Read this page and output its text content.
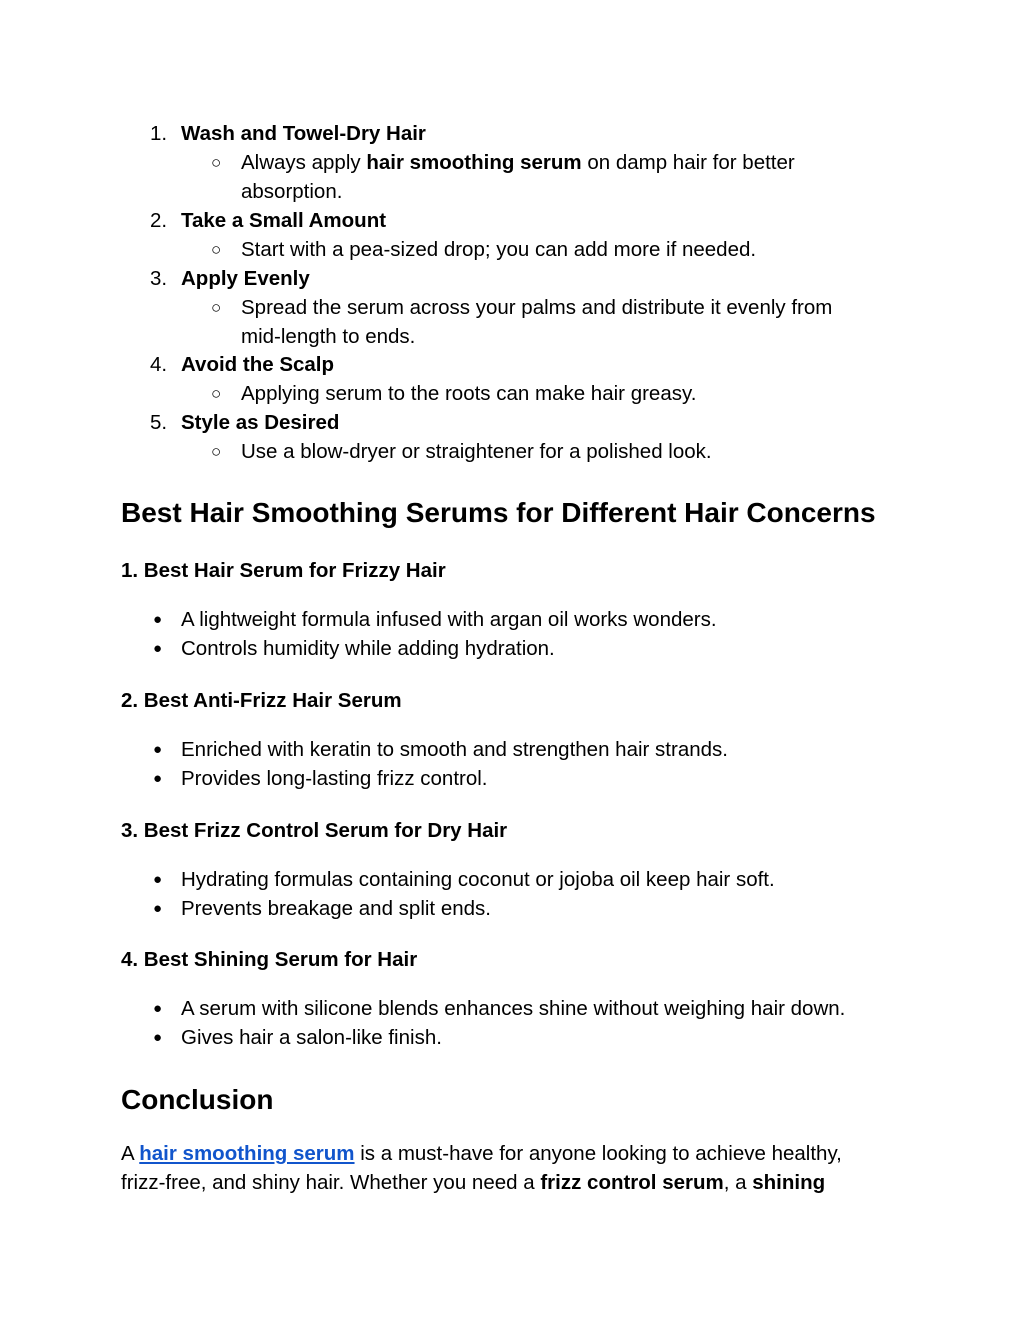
1. Wash and Towel-Dry Hair
○ Always apply hair smoothing serum on damp hair for better
absorption.
2. Take a Small Amount
○ Start with a pea-sized drop; you can add more if needed.
3. Apply Evenly
○ Spread the serum across your palms and distribute it evenly from
mid-length to ends.
4. Avoid the Scalp
○ Applying serum to the roots can make hair greasy.
5. Style as Desired
○ Use a blow-dryer or straightener for a polished look.
Best Hair Smoothing Serums for Different Hair Concerns
1. Best Hair Serum for Frizzy Hair
● A lightweight formula infused with argan oil works wonders.
● Controls humidity while adding hydration.
2. Best Anti-Frizz Hair Serum
● Enriched with keratin to smooth and strengthen hair strands.
● Provides long-lasting frizz control.
3. Best Frizz Control Serum for Dry Hair
● Hydrating formulas containing coconut or jojoba oil keep hair soft.
● Prevents breakage and split ends.
4. Best Shining Serum for Hair
● A serum with silicone blends enhances shine without weighing hair down.
● Gives hair a salon-like finish.
Conclusion
A hair smoothing serum is a must-have for anyone looking to achieve healthy,
frizz-free, and shiny hair. Whether you need a frizz control serum, a shining
